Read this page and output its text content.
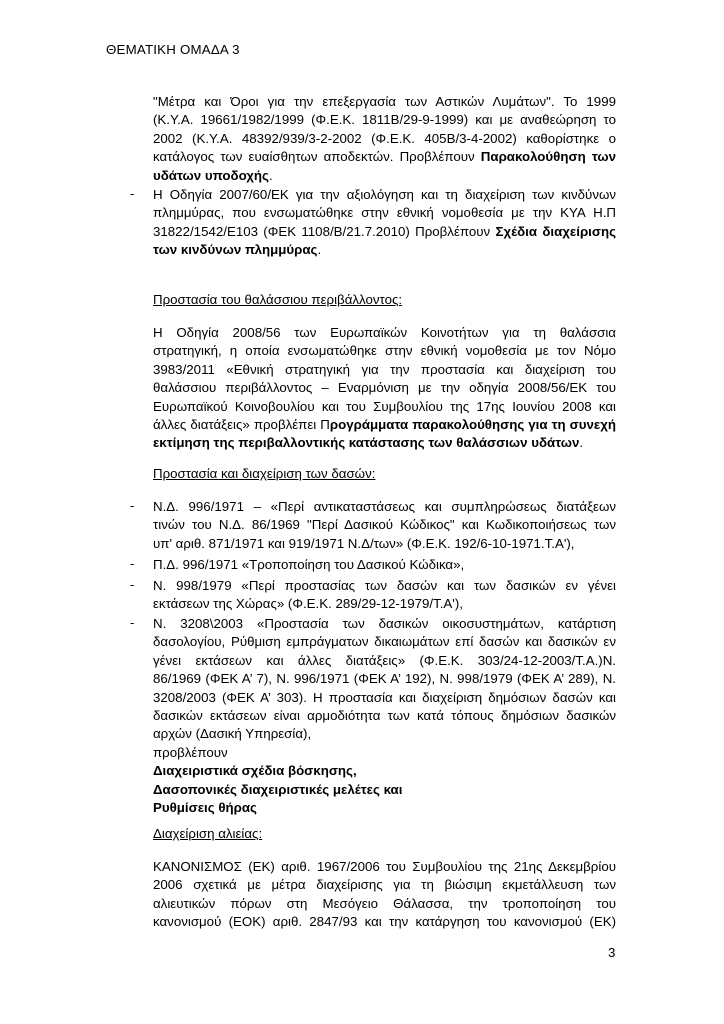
ΘΕΜΑΤΙΚΗ ΟΜΑΔΑ 3
"Μέτρα και Όροι για την επεξεργασία των Αστικών Λυμάτων". Το 1999
(Κ.Υ.Α. 19661/1982/1999 (Φ.Ε.Κ. 1811Β/29-9-1999) και με αναθεώρηση το
2002 (Κ.Υ.Α. 48392/939/3-2-2002 (Φ.Ε.Κ. 405Β/3-4-2002) καθορίστηκε ο
κατάλογος των ευαίσθητων αποδεκτών. Προβλέπουν Παρακολούθηση των
υδάτων υποδοχής.
- Η Οδηγία 2007/60/ΕΚ για την αξιολόγηση και τη διαχείριση των κινδύνων
πλημμύρας, που ενσωματώθηκε στην εθνική νομοθεσία με την ΚΥΑ Η.Π
31822/1542/Ε103 (ΦΕΚ 1108/Β/21.7.2010) Προβλέπουν Σχέδια διαχείρισης
των κινδύνων πλημμύρας.
Προστασία του θαλάσσιου περιβάλλοντος:
Η Οδηγία 2008/56 των Ευρωπαϊκών Κοινοτήτων για τη θαλάσσια
στρατηγική, η οποία ενσωματώθηκε στην εθνική νομοθεσία με τον Νόμο
3983/2011 «Εθνική στρατηγική για την προστασία και διαχείριση του
θαλάσσιου περιβάλλοντος – Εναρμόνιση με την οδηγία 2008/56/ΕΚ του
Ευρωπαϊκού Κοινοβουλίου και του Συμβουλίου της 17ης Ιουνίου 2008 και
άλλες διατάξεις» προβλέπει Προγράμματα παρακολούθησης για τη συνεχή
εκτίμηση της περιβαλλοντικής κατάστασης των θαλάσσιων υδάτων.
Προστασία και διαχείριση των δασών:
- Ν.Δ. 996/1971 – «Περί αντικαταστάσεως και συμπληρώσεως διατάξεων
τινών του Ν.Δ. 86/1969 "Περί Δασικού Κώδικος" και Κωδικοποιήσεως των
υπ' αριθ. 871/1971 και 919/1971 Ν.Δ/των» (Φ.Ε.Κ. 192/6-10-1971.Τ.Α'),
- Π.Δ. 996/1971 «Τροποποίηση του Δασικού Κώδικα»,
- Ν. 998/1979 «Περί προστασίας των δασών και των δασικών εν γένει
εκτάσεων της Χώρας» (Φ.Ε.Κ. 289/29-12-1979/Τ.Α'),
- Ν. 3208\2003 «Προστασία των δασικών οικοσυστημάτων, κατάρτιση
δασολογίου, Ρύθμιση εμπράγματων δικαιωμάτων επί δασών και δασικών εν
γένει εκτάσεων και άλλες διατάξεις» (Φ.Ε.Κ. 303/24-12-2003/Τ.Α.)Ν.
86/1969 (ΦΕΚ Α’ 7), Ν. 996/1971 (ΦΕΚ Α’ 192), Ν. 998/1979 (ΦΕΚ Α’ 289), Ν.
3208/2003 (ΦΕΚ Α’ 303). Η προστασία και διαχείριση δημόσιων δασών και
δασικών εκτάσεων είναι αρμοδιότητα των κατά τόπους δημόσιων δασικών
αρχών (Δασική Υπηρεσία),
προβλέπουν
Διαχειριστικά σχέδια βόσκησης,
Δασοπονικές διαχειριστικές μελέτες και
Ρυθμίσεις θήρας
Διαχείριση αλιείας:
ΚΑΝΟΝΙΣΜΟΣ (ΕΚ) αριθ. 1967/2006 του Συμβουλίου της 21ης Δεκεμβρίου
2006 σχετικά με μέτρα διαχείρισης για τη βιώσιμη εκμετάλλευση των
αλιευτικών πόρων στη Μεσόγειο Θάλασσα, την τροποποίηση του
κανονισμού (ΕΟΚ) αριθ. 2847/93 και την κατάργηση του κανονισμού (ΕΚ)
3
